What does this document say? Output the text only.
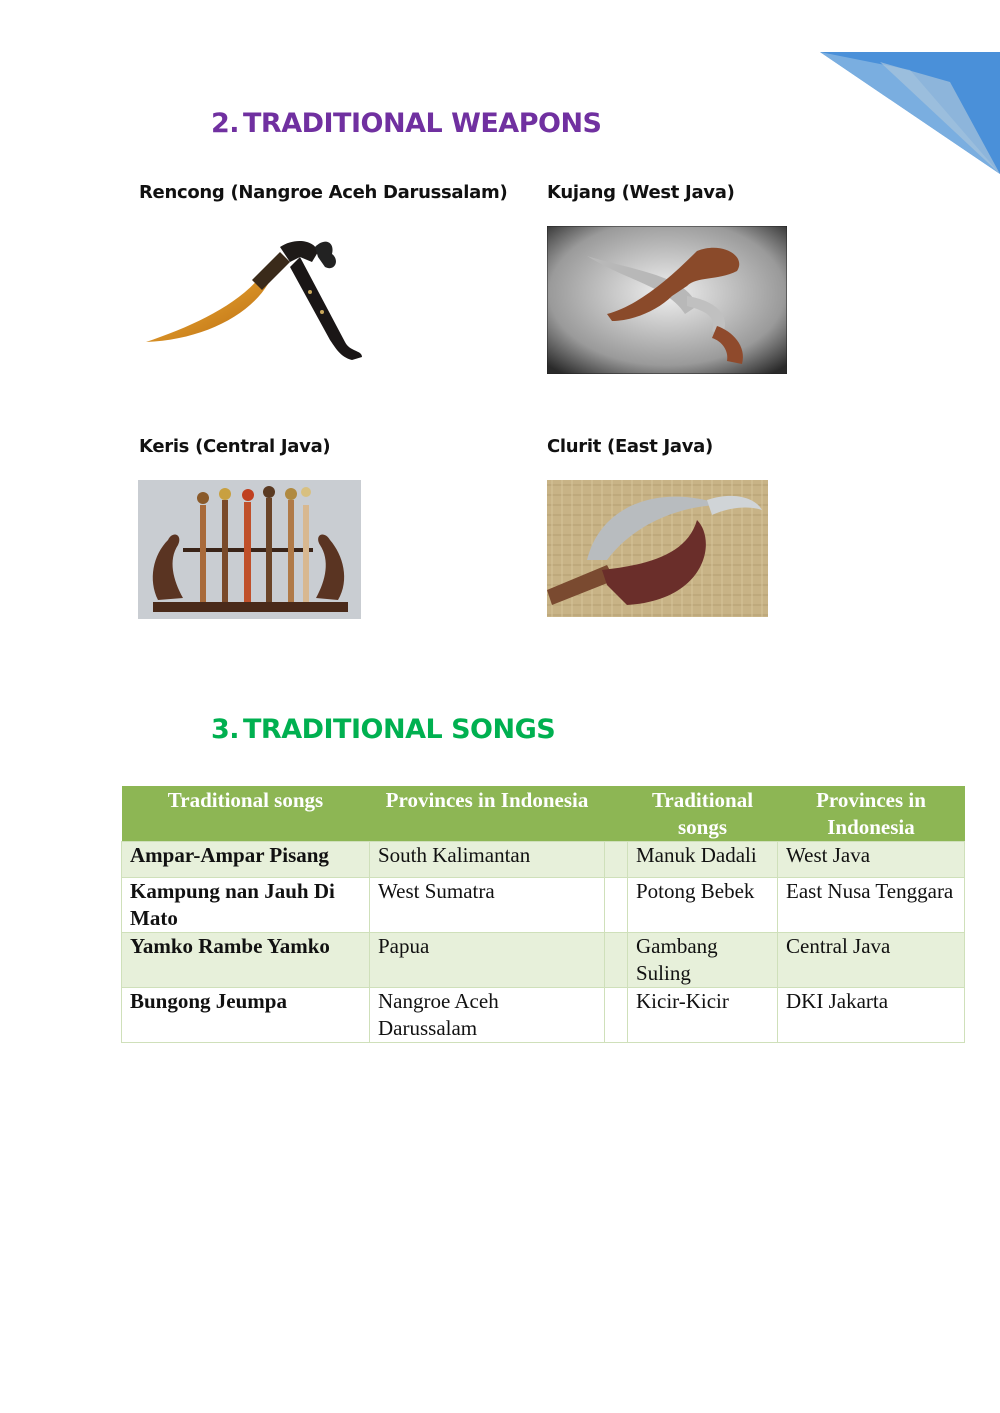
2. TRADITIONAL WEAPONS
Rencong (Nangroe Aceh Darussalam) Kujang (West Java)
Keris (Central Java)	Clurit (East Java)
3. TRADITIONAL SONGS
Traditional songs	Provinces in Indonesia		Traditional songs	Provinces in Indonesia
Ampar-Ampar Pisang	South Kalimantan		Manuk Dadali	West Java
Kampung nan Jauh Di Mato	West Sumatra		Potong Bebek	East Nusa Tenggara
Yamko Rambe Yamko	Papua		Gambang Suling	Central Java
Bungong Jeumpa	Nangroe Aceh Darussalam		Kicir-Kicir	DKI Jakarta
